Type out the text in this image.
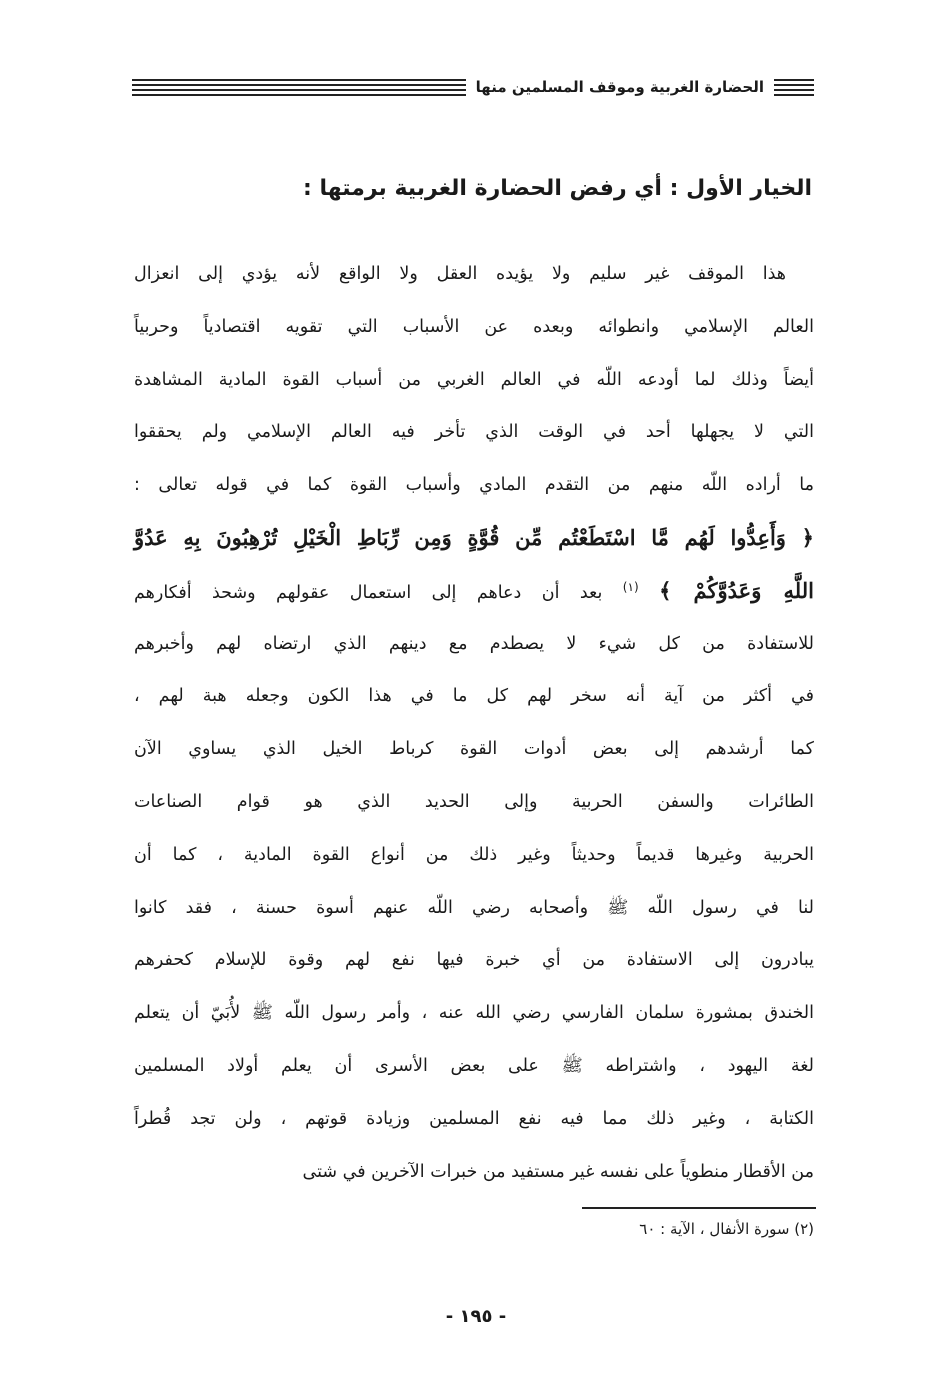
الحضارة الغربية وموقف المسلمين منها
الخيار الأول : أي رفض الحضارة الغربية برمتها :
هذا الموقف غير سليم ولا يؤيده العقل ولا الواقع لأنه يؤدي إلى انعزال
العالم الإسلامي وانطوائه وبعده عن الأسباب التي تقويه اقتصادياً وحربياً
أيضاً وذلك لما أودعه اللّه في العالم الغربي من أسباب القوة المادية المشاهدة
التي لا يجهلها أحد في الوقت الذي تأخر فيه العالم الإسلامي ولم يحققوا
ما أراده اللّه منهم من التقدم المادي وأسباب القوة كما في قوله تعالى :
﴿ وَأَعِدُّوا لَهُم مَّا اسْتَطَعْتُم مِّن قُوَّةٍ وَمِن رِّبَاطِ الْخَيْلِ تُرْهِبُونَ بِهِ عَدُوَّ
اللَّهِ وَعَدُوَّكُمْ ﴾ $^{(١)}$ بعد أن دعاهم إلى استعمال عقولهم وشحذ أفكارهم
للاستفادة من كل شيء لا يصطدم مع دينهم الذي ارتضاه لهم وأخبرهم
في أكثر من آية أنه سخر لهم كل ما في هذا الكون وجعله هبة لهم ،
كما أرشدهم إلى بعض أدوات القوة كرباط الخيل الذي يساوي الآن
الطائرات والسفن الحربية وإلى الحديد الذي هو قوام الصناعات
الحربية وغيرها قديماً وحديثاً وغير ذلك من أنواع القوة المادية ، كما أن
لنا في رسول اللّه ﷺ وأصحابه رضي اللّه عنهم أسوة حسنة ، فقد كانوا
يبادرون إلى الاستفادة من أي خبرة فيها نفع لهم وقوة للإسلام كحفرهم
الخندق بمشورة سلمان الفارسي رضي الله عنه ، وأمر رسول اللّه ﷺ لأُبَيّ أن يتعلم
لغة اليهود ، واشتراطه ﷺ على بعض الأسرى أن يعلم أولاد المسلمين
الكتابة ، وغير ذلك مما فيه نفع المسلمين وزيادة قوتهم ، ولن تجد قُطراً
من الأقطار منطوياً على نفسه غير مستفيد من خبرات الآخرين في شتى
(٢) سورة الأنفال ، الآية : ٦٠
- ١٩٥ -
